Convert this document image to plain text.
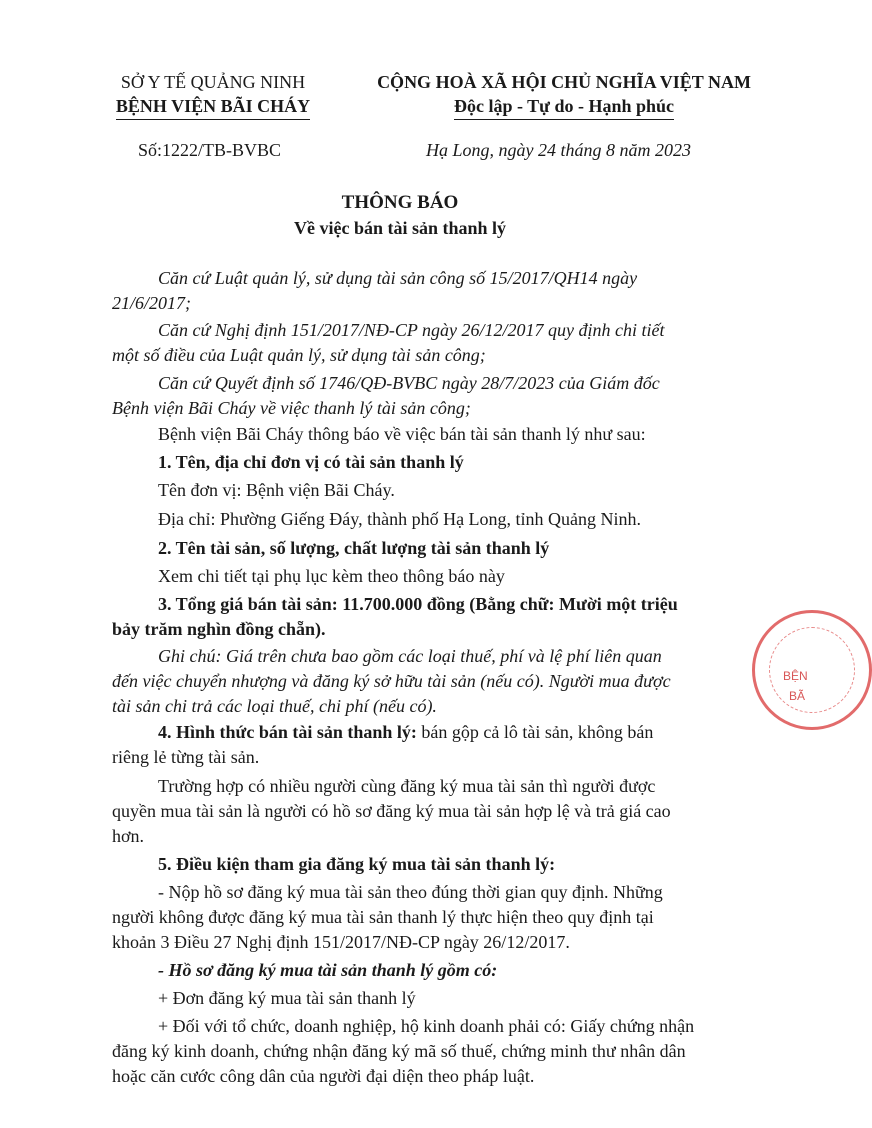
SỞ Y TẾ QUẢNG NINH
BỆNH VIỆN BÃI CHÁY
CỘNG HOÀ XÃ HỘI CHỦ NGHĨA VIỆT NAM
Độc lập - Tự do - Hạnh phúc
Số:1222/TB-BVBC	Hạ Long, ngày 24 tháng 8 năm 2023
THÔNG BÁO
Về việc bán tài sản thanh lý
Căn cứ Luật quản lý, sử dụng tài sản công số 15/2017/QH14 ngày
21/6/2017;
Căn cứ Nghị định 151/2017/NĐ-CP ngày 26/12/2017 quy định chi tiết
một số điều của Luật quản lý, sử dụng tài sản công;
Căn cứ Quyết định số 1746/QĐ-BVBC ngày 28/7/2023 của Giám đốc
Bệnh viện Bãi Cháy về việc thanh lý tài sản công;
Bệnh viện Bãi Cháy thông báo về việc bán tài sản thanh lý như sau:
1. Tên, địa chỉ đơn vị có tài sản thanh lý
Tên đơn vị: Bệnh viện Bãi Cháy.
Địa chỉ: Phường Giếng Đáy, thành phố Hạ Long, tỉnh Quảng Ninh.
2. Tên tài sản, số lượng, chất lượng tài sản thanh lý
Xem chi tiết tại phụ lục kèm theo thông báo này
3. Tổng giá bán tài sản: 11.700.000 đồng (Bằng chữ: Mười một triệu
bảy trăm nghìn đồng chẵn).
Ghi chú: Giá trên chưa bao gồm các loại thuế, phí và lệ phí liên quan
đến việc chuyển nhượng và đăng ký sở hữu tài sản (nếu có). Người mua được
tài sản chi trả các loại thuế, chi phí (nếu có).
4. Hình thức bán tài sản thanh lý: bán gộp cả lô tài sản, không bán
riêng lẻ từng tài sản.
Trường hợp có nhiều người cùng đăng ký mua tài sản thì người được
quyền mua tài sản là người có hồ sơ đăng ký mua tài sản hợp lệ và trả giá cao
hơn.
5. Điều kiện tham gia đăng ký mua tài sản thanh lý:
- Nộp hồ sơ đăng ký mua tài sản theo đúng thời gian quy định. Những
người không được đăng ký mua tài sản thanh lý thực hiện theo quy định tại
khoản 3 Điều 27 Nghị định 151/2017/NĐ-CP ngày 26/12/2017.
- Hồ sơ đăng ký mua tài sản thanh lý gồm có:
+ Đơn đăng ký mua tài sản thanh lý
+ Đối với tổ chức, doanh nghiệp, hộ kinh doanh phải có: Giấy chứng nhận
đăng ký kinh doanh, chứng nhận đăng ký mã số thuế, chứng minh thư nhân dân
hoặc căn cước công dân của người đại diện theo pháp luật.
BỆN
BÃ
